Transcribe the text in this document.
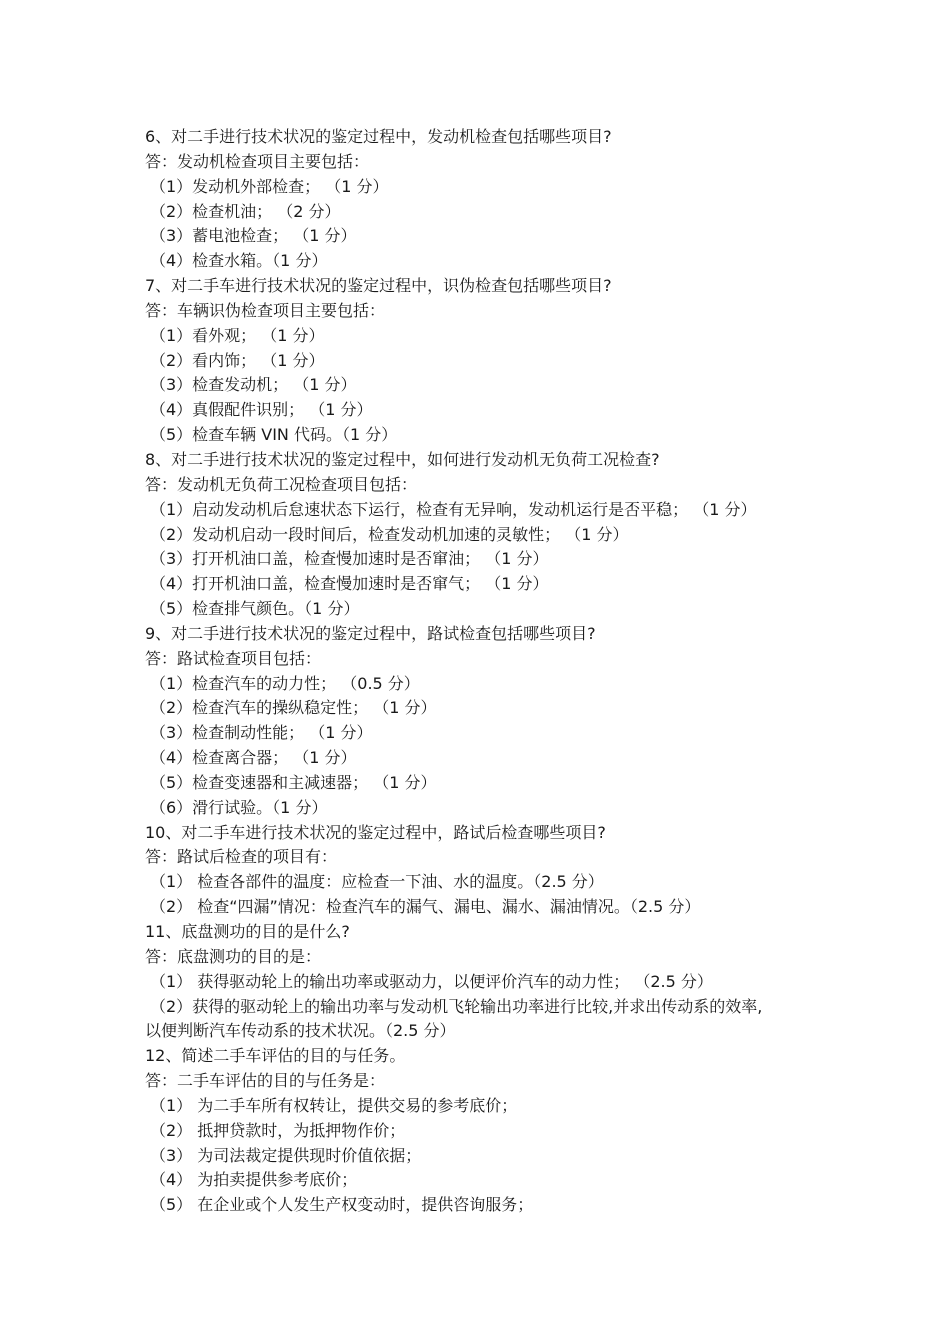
6、对二手进行技术状况的鉴定过程中，发动机检查包括哪些项目?
答：发动机检查项目主要包括：
（1）发动机外部检查； （1 分）
（2）检查机油； （2 分）
（3）蓄电池检查； （1 分）
（4）检查水箱。（1 分）
7、对二手车进行技术状况的鉴定过程中，识伪检查包括哪些项目?
答：车辆识伪检查项目主要包括：
（1）看外观； （1 分）
（2）看内饰； （1 分）
（3）检查发动机； （1 分）
（4）真假配件识别； （1 分）
（5）检查车辆 VIN 代码。（1 分）
8、对二手进行技术状况的鉴定过程中，如何进行发动机无负荷工况检查?
答：发动机无负荷工况检查项目包括：
（1）启动发动机后怠速状态下运行，检查有无异响，发动机运行是否平稳； （1 分）
（2）发动机启动一段时间后，检查发动机加速的灵敏性； （1 分）
（3）打开机油口盖，检查慢加速时是否窜油； （1 分）
（4）打开机油口盖，检查慢加速时是否窜气； （1 分）
（5）检查排气颜色。（1 分）
9、对二手进行技术状况的鉴定过程中，路试检查包括哪些项目?
答：路试检查项目包括：
（1）检查汽车的动力性； （0.5 分）
（2）检查汽车的操纵稳定性； （1 分）
（3）检查制动性能； （1 分）
（4）检查离合器； （1 分）
（5）检查变速器和主减速器； （1 分）
（6）滑行试验。（1 分）
10、对二手车进行技术状况的鉴定过程中，路试后检查哪些项目?
答：路试后检查的项目有：
（1） 检查各部件的温度：应检查一下油、水的温度。（2.5 分）
（2） 检查“四漏”情况：检查汽车的漏气、漏电、漏水、漏油情况。（2.5 分）
11、底盘测功的目的是什么?
答：底盘测功的目的是：
（1） 获得驱动轮上的输出功率或驱动力，以便评价汽车的动力性； （2.5 分）
（2）获得的驱动轮上的输出功率与发动机飞轮输出功率进行比较,并求出传动系的效率,
以便判断汽车传动系的技术状况。（2.5 分）
12、简述二手车评估的目的与任务。
答：二手车评估的目的与任务是：
（1） 为二手车所有权转让，提供交易的参考底价；
（2） 抵押贷款时，为抵押物作价；
（3） 为司法裁定提供现时价值依据；
（4） 为拍卖提供参考底价；
（5） 在企业或个人发生产权变动时，提供咨询服务；
